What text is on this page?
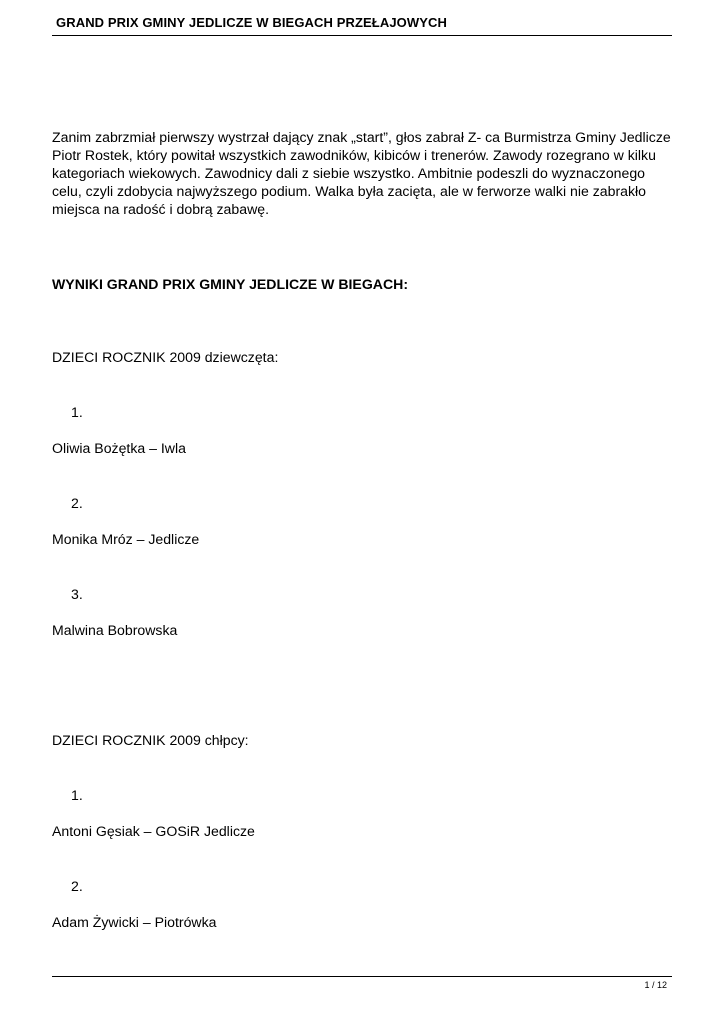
GRAND PRIX GMINY JEDLICZE W BIEGACH PRZEŁAJOWYCH

Zanim zabrzmiał pierwszy wystrzał dający znak „start”, głos zabrał Z- ca Burmistrza Gminy Jedlicze Piotr Rostek, który powitał wszystkich zawodników, kibiców i trenerów. Zawody rozegrano w kilku kategoriach wiekowych. Zawodnicy dali z siebie wszystko. Ambitnie podeszli do wyznaczonego celu, czyli zdobycia najwyższego podium. Walka była zacięta, ale w ferworze walki nie zabrakło miejsca na radość i dobrą zabawę.

WYNIKI GRAND PRIX GMINY JEDLICZE W BIEGACH:

DZIECI ROCZNIK 2009 dziewczęta:

1.

Oliwia Bożętka – Iwla

2.

Monika Mróz – Jedlicze

3.

Malwina Bobrowska

DZIECI ROCZNIK 2009 chłpcy:

1.

Antoni Gęsiak – GOSiR Jedlicze

2.

Adam Żywicki – Piotrówka

1 / 12
